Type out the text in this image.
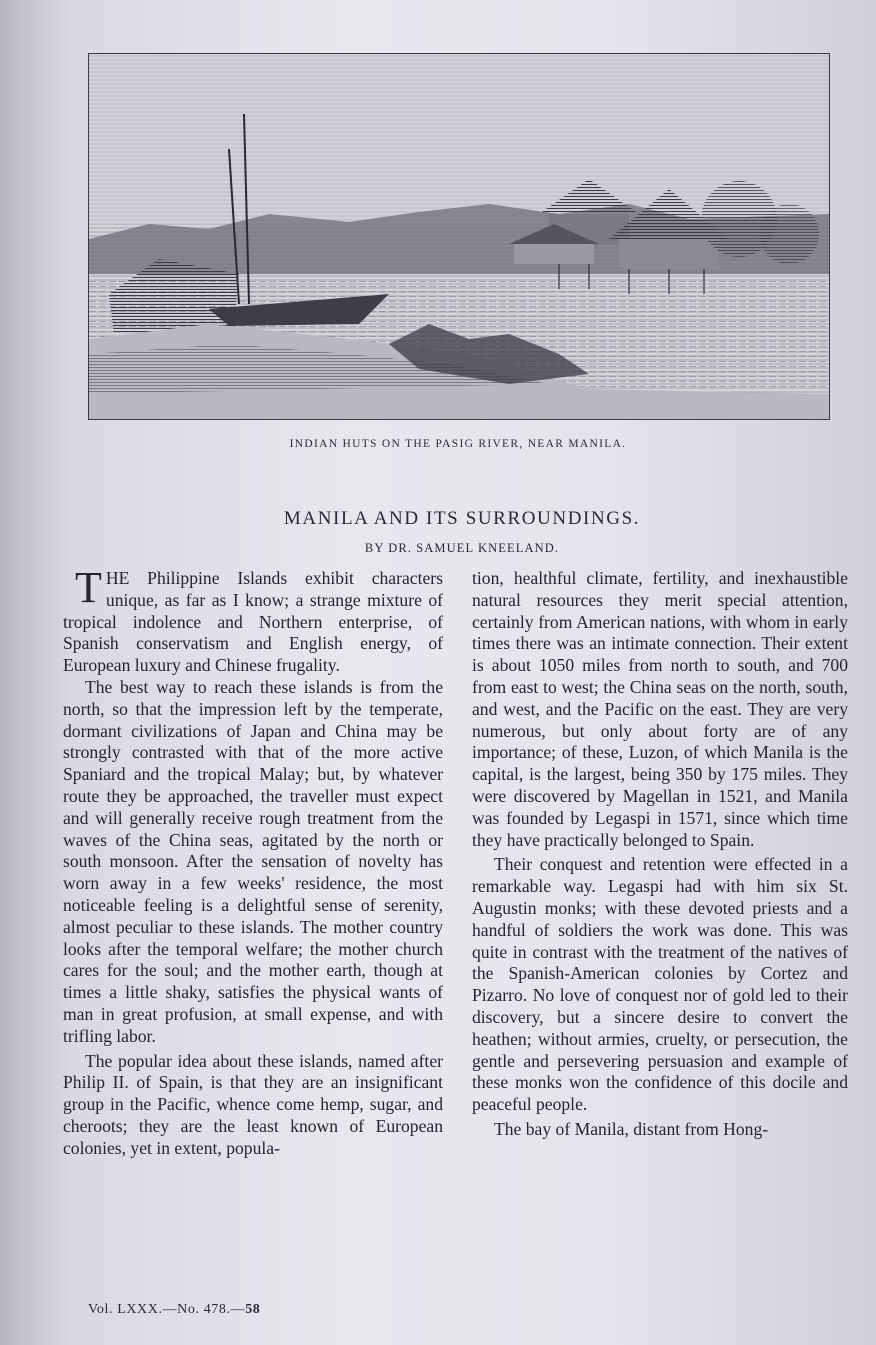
INDIAN HUTS ON THE PASIG RIVER, NEAR MANILA.
MANILA AND ITS SURROUNDINGS.
BY DR. SAMUEL KNEELAND.

THE Philippine Islands exhibit characters unique, as far as I know; a strange mixture of tropical indolence and Northern enterprise, of Spanish conservatism and English energy, of European luxury and Chinese frugality.

The best way to reach these islands is from the north, so that the impression left by the temperate, dormant civilizations of Japan and China may be strongly contrasted with that of the more active Spaniard and the tropical Malay; but, by whatever route they be approached, the traveller must expect and will generally receive rough treatment from the waves of the China seas, agitated by the north or south monsoon. After the sensation of novelty has worn away in a few weeks' residence, the most noticeable feeling is a delightful sense of serenity, almost peculiar to these islands. The mother country looks after the temporal welfare; the mother church cares for the soul; and the mother earth, though at times a little shaky, satisfies the physical wants of man in great profusion, at small expense, and with trifling labor.

The popular idea about these islands, named after Philip II. of Spain, is that they are an insignificant group in the Pacific, whence come hemp, sugar, and cheroots; they are the least known of European colonies, yet in extent, popula-

tion, healthful climate, fertility, and inexhaustible natural resources they merit special attention, certainly from American nations, with whom in early times there was an intimate connection. Their extent is about 1050 miles from north to south, and 700 from east to west; the China seas on the north, south, and west, and the Pacific on the east. They are very numerous, but only about forty are of any importance; of these, Luzon, of which Manila is the capital, is the largest, being 350 by 175 miles. They were discovered by Magellan in 1521, and Manila was founded by Legaspi in 1571, since which time they have practically belonged to Spain.

Their conquest and retention were effected in a remarkable way. Legaspi had with him six St. Augustin monks; with these devoted priests and a handful of soldiers the work was done. This was quite in contrast with the treatment of the natives of the Spanish-American colonies by Cortez and Pizarro. No love of conquest nor of gold led to their discovery, but a sincere desire to convert the heathen; without armies, cruelty, or persecution, the gentle and persevering persuasion and example of these monks won the confidence of this docile and peaceful people.

The bay of Manila, distant from Hong-

Vol. LXXX.—No. 478.—58
